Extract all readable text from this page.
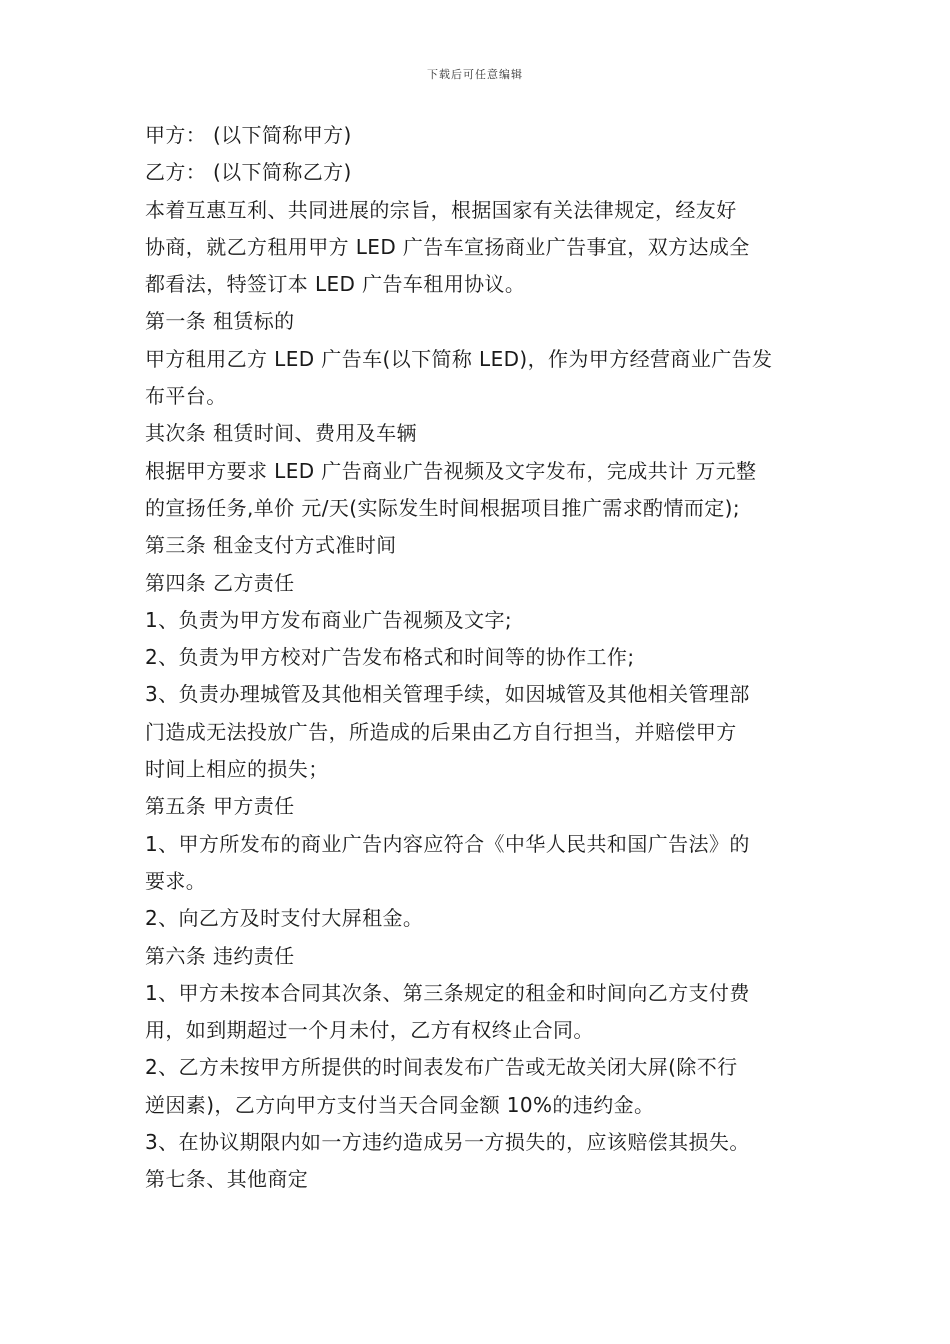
下载后可任意编辑
甲方： (以下简称甲方)
乙方： (以下简称乙方)
本着互惠互利、共同进展的宗旨，根据国家有关法律规定，经友好
协商，就乙方租用甲方 LED 广告车宣扬商业广告事宜，双方达成全
都看法，特签订本 LED 广告车租用协议。
第一条 租赁标的
甲方租用乙方 LED 广告车(以下简称 LED)，作为甲方经营商业广告发
布平台。
其次条 租赁时间、费用及车辆
根据甲方要求 LED 广告商业广告视频及文字发布，完成共计 万元整
的宣扬任务,单价 元/天(实际发生时间根据项目推广需求酌情而定);
第三条 租金支付方式准时间
第四条 乙方责任
1、负责为甲方发布商业广告视频及文字;
2、负责为甲方校对广告发布格式和时间等的协作工作;
3、负责办理城管及其他相关管理手续，如因城管及其他相关管理部
门造成无法投放广告，所造成的后果由乙方自行担当，并赔偿甲方
时间上相应的损失；
第五条 甲方责任
1、甲方所发布的商业广告内容应符合《中华人民共和国广告法》的
要求。
2、向乙方及时支付大屏租金。
第六条 违约责任
1、甲方未按本合同其次条、第三条规定的租金和时间向乙方支付费
用，如到期超过一个月未付，乙方有权终止合同。
2、乙方未按甲方所提供的时间表发布广告或无故关闭大屏(除不行
逆因素)，乙方向甲方支付当天合同金额 10%的违约金。
3、在协议期限内如一方违约造成另一方损失的，应该赔偿其损失。
第七条、其他商定
